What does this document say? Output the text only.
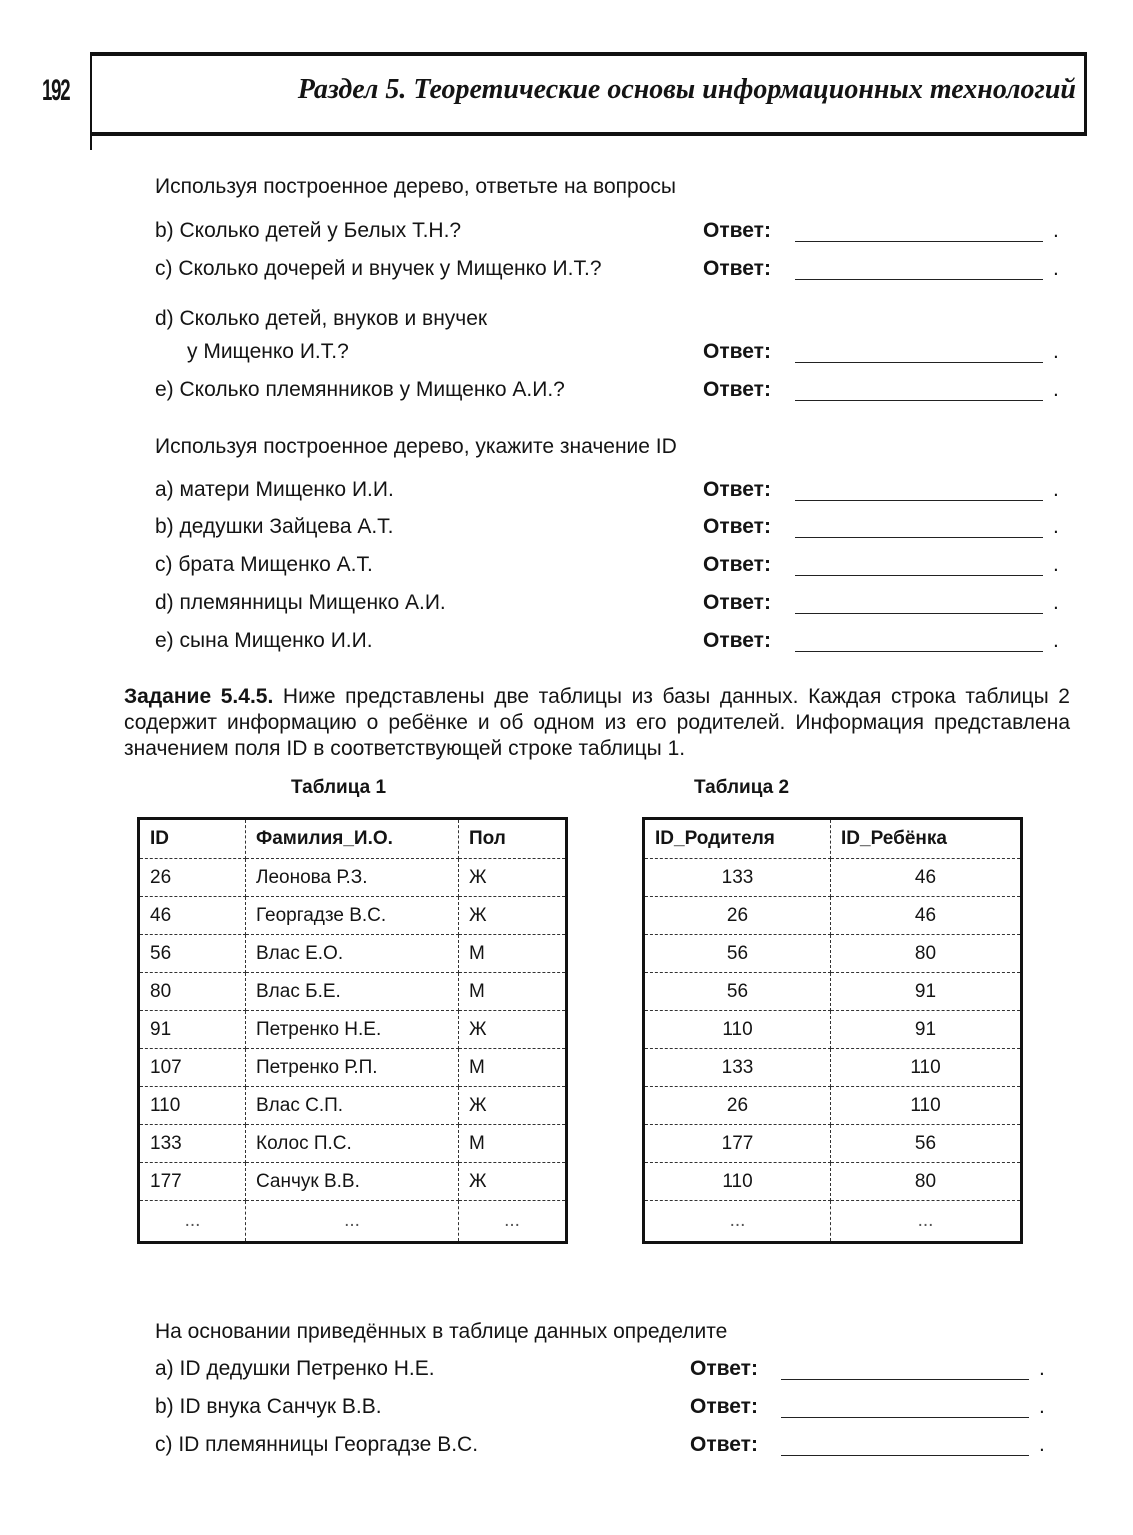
192	Раздел 5. Теоретические основы информационных технологий
Используя построенное дерево, ответьте на вопросы
b) Сколько детей у Белых Т.Н.?	Ответ:	.
c) Сколько дочерей и внучек у Мищенко И.Т.?	Ответ:	.
d) Сколько детей, внуков и внучек
у Мищенко И.Т.?	Ответ:	.
e) Сколько племянников у Мищенко А.И.?	Ответ:	.
Используя построенное дерево, укажите значение ID
a) матери Мищенко И.И.	Ответ:	.
b) дедушки Зайцева А.Т.	Ответ:	.
c) брата Мищенко А.Т.	Ответ:	.
d) племянницы Мищенко А.И.	Ответ:	.
e) сына Мищенко И.И.	Ответ:	.
Задание 5.4.5. Ниже представлены две таблицы из базы данных. Каждая строка таблицы 2 содержит информацию о ребёнке и об одном из его родителей. Информация представлена значением поля ID в соответствующей строке таблицы 1.
Таблица 1	Таблица 2
ID	Фамилия_И.О.	Пол
26	Леонова Р.З.	Ж
46	Георгадзе В.С.	Ж
56	Влас Е.О.	М
80	Влас Б.Е.	М
91	Петренко Н.Е.	Ж
107	Петренко Р.П.	М
110	Влас С.П.	Ж
133	Колос П.С.	М
177	Санчук В.В.	Ж
...	...	...
ID_Родителя	ID_Ребёнка
133	46
26	46
56	80
56	91
110	91
133	110
26	110
177	56
110	80
...	...
На основании приведённых в таблице данных определите
a) ID дедушки Петренко Н.Е.	Ответ:	.
b) ID внука Санчук В.В.	Ответ:	.
c) ID племянницы Георгадзе В.С.	Ответ:	.
